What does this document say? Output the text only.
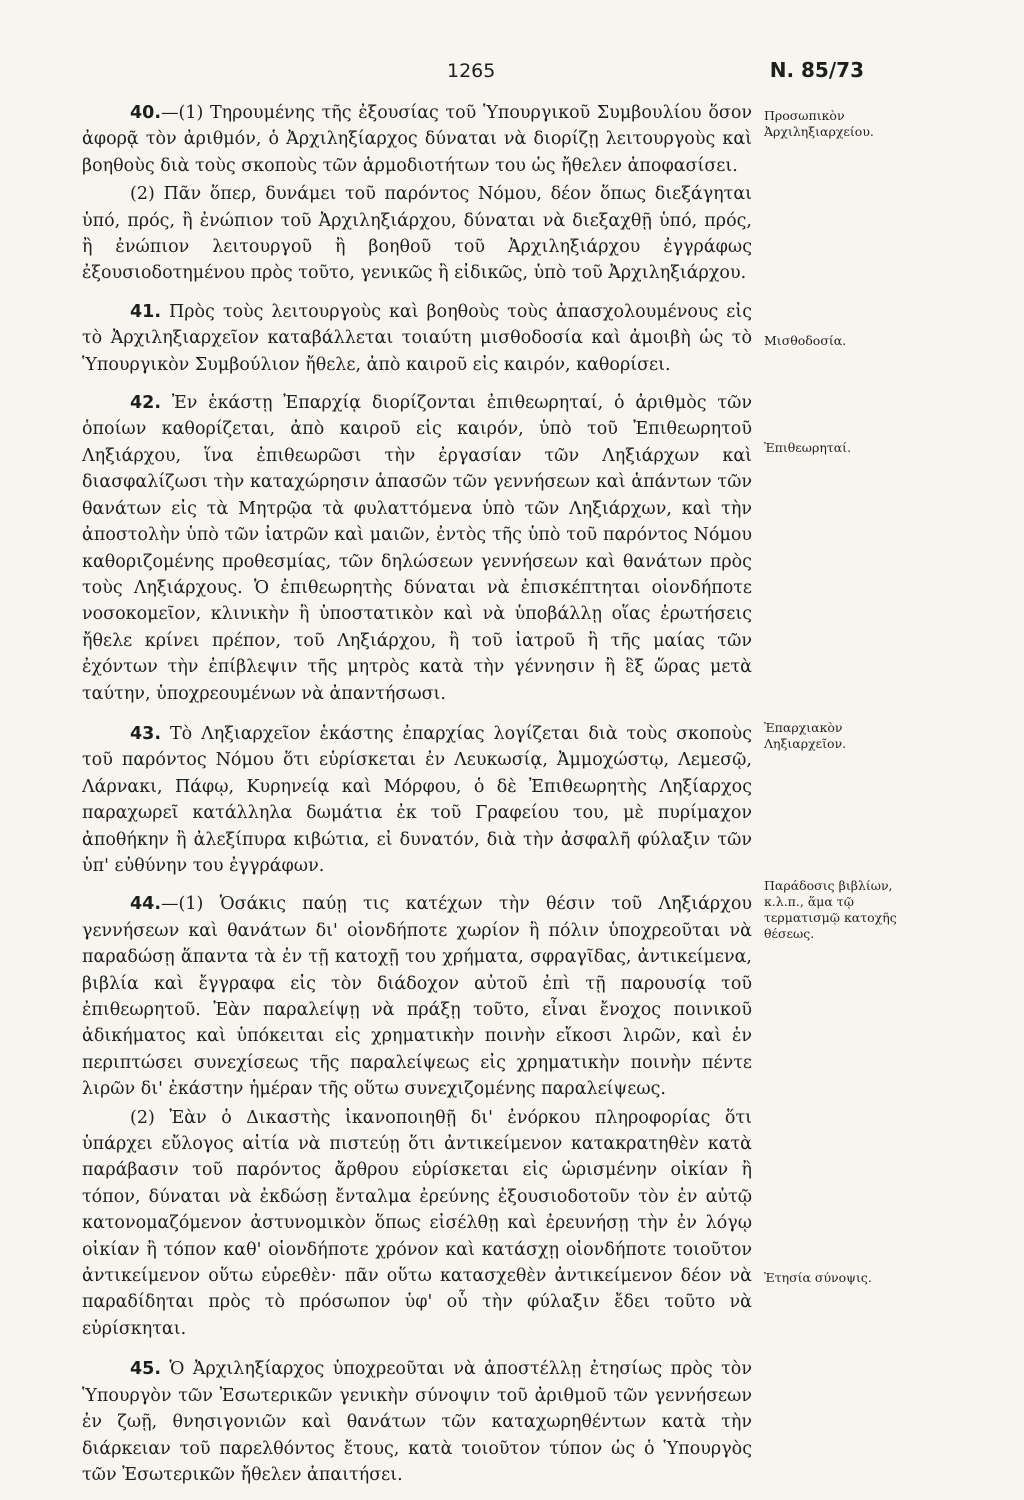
1265	N. 85/73

40.—(1) Τηρουμένης τῆς ἐξουσίας τοῦ Ὑπουργικοῦ Συμβουλίου ὅσον ἀφορᾷ τὸν ἀριθμόν, ὁ Ἀρχιληξίαρχος δύναται νὰ διορίζῃ λειτουργοὺς καὶ βοηθοὺς διὰ τοὺς σκοποὺς τῶν ἁρμοδιοτήτων του ὡς ἤθελεν ἀποφασίσει.

(2) Πᾶν ὅπερ, δυνάμει τοῦ παρόντος Νόμου, δέον ὅπως διεξάγηται ὑπό, πρός, ἢ ἐνώπιον τοῦ Ἀρχιληξιάρχου, δύναται νὰ διεξαχθῇ ὑπό, πρός, ἢ ἐνώπιον λειτουργοῦ ἢ βοηθοῦ τοῦ Ἀρχιληξιάρχου ἐγγράφως ἐξουσιοδοτημένου πρὸς τοῦτο, γενικῶς ἢ εἰδικῶς, ὑπὸ τοῦ Ἀρχιληξιάρχου.

41. Πρὸς τοὺς λειτουργοὺς καὶ βοηθοὺς τοὺς ἀπασχολουμένους εἰς τὸ Ἀρχιληξιαρχεῖον καταβάλλεται τοιαύτη μισθοδοσία καὶ ἀμοιβὴ ὡς τὸ Ὑπουργικὸν Συμβούλιον ἤθελε, ἀπὸ καιροῦ εἰς καιρόν, καθορίσει.

42. Ἐν ἑκάστῃ Ἐπαρχίᾳ διορίζονται ἐπιθεωρηταί, ὁ ἀριθμὸς τῶν ὁποίων καθορίζεται, ἀπὸ καιροῦ εἰς καιρόν, ὑπὸ τοῦ Ἐπιθεωρητοῦ Ληξιάρχου, ἵνα ἐπιθεωρῶσι τὴν ἐργασίαν τῶν Ληξιάρχων καὶ διασφαλίζωσι τὴν καταχώρησιν ἁπασῶν τῶν γεννήσεων καὶ ἁπάντων τῶν θανάτων εἰς τὰ Μητρῷα τὰ φυλαττόμενα ὑπὸ τῶν Ληξιάρχων, καὶ τὴν ἀποστολὴν ὑπὸ τῶν ἰατρῶν καὶ μαιῶν, ἐντὸς τῆς ὑπὸ τοῦ παρόντος Νόμου καθοριζομένης προθεσμίας, τῶν δηλώσεων γεννήσεων καὶ θανάτων πρὸς τοὺς Ληξιάρχους. Ὁ ἐπιθεωρητὴς δύναται νὰ ἐπισκέπτηται οἱονδήποτε νοσοκομεῖον, κλινικὴν ἢ ὑποστατικὸν καὶ νὰ ὑποβάλλῃ οἵας ἐρωτήσεις ἤθελε κρίνει πρέπον, τοῦ Ληξιάρχου, ἢ τοῦ ἰατροῦ ἢ τῆς μαίας τῶν ἐχόντων τὴν ἐπίβλεψιν τῆς μητρὸς κατὰ τὴν γέννησιν ἢ ἓξ ὥρας μετὰ ταύτην, ὑποχρεουμένων νὰ ἀπαντήσωσι.

43. Τὸ Ληξιαρχεῖον ἑκάστης ἐπαρχίας λογίζεται διὰ τοὺς σκοποὺς τοῦ παρόντος Νόμου ὅτι εὑρίσκεται ἐν Λευκωσίᾳ, Ἀμμοχώστῳ, Λεμεσῷ, Λάρνακι, Πάφῳ, Κυρηνείᾳ καὶ Μόρφου, ὁ δὲ Ἐπιθεωρητὴς Ληξίαρχος παραχωρεῖ κατάλληλα δωμάτια ἐκ τοῦ Γραφείου του, μὲ πυρίμαχον ἀποθήκην ἢ ἀλεξίπυρα κιβώτια, εἰ δυνατόν, διὰ τὴν ἀσφαλῆ φύλαξιν τῶν ὑπ' εὐθύνην του ἐγγράφων.

44.—(1) Ὁσάκις παύῃ τις κατέχων τὴν θέσιν τοῦ Ληξιάρχου γεννήσεων καὶ θανάτων δι' οἱονδήποτε χωρίον ἢ πόλιν ὑποχρεοῦται νὰ παραδώσῃ ἅπαντα τὰ ἐν τῇ κατοχῇ του χρήματα, σφραγῖδας, ἀντικείμενα, βιβλία καὶ ἔγγραφα εἰς τὸν διάδοχον αὐτοῦ ἐπὶ τῇ παρουσίᾳ τοῦ ἐπιθεωρητοῦ. Ἐὰν παραλείψῃ νὰ πράξῃ τοῦτο, εἶναι ἔνοχος ποινικοῦ ἀδικήματος καὶ ὑπόκειται εἰς χρηματικὴν ποινὴν εἴκοσι λιρῶν, καὶ ἐν περιπτώσει συνεχίσεως τῆς παραλείψεως εἰς χρηματικὴν ποινὴν πέντε λιρῶν δι' ἑκάστην ἡμέραν τῆς οὕτω συνεχιζομένης παραλείψεως.

(2) Ἐὰν ὁ Δικαστὴς ἱκανοποιηθῇ δι' ἐνόρκου πληροφορίας ὅτι ὑπάρχει εὔλογος αἰτία νὰ πιστεύῃ ὅτι ἀντικείμενον κατακρατηθὲν κατὰ παράβασιν τοῦ παρόντος ἄρθρου εὑρίσκεται εἰς ὡρισμένην οἰκίαν ἢ τόπον, δύναται νὰ ἐκδώσῃ ἔνταλμα ἐρεύνης ἐξουσιοδοτοῦν τὸν ἐν αὐτῷ κατονομαζόμενον ἀστυνομικὸν ὅπως εἰσέλθῃ καὶ ἐρευνήσῃ τὴν ἐν λόγῳ οἰκίαν ἢ τόπον καθ' οἱονδήποτε χρόνον καὶ κατάσχῃ οἱονδήποτε τοιοῦτον ἀντικείμενον οὕτω εὑρεθὲν· πᾶν οὕτω κατασχεθὲν ἀντικείμενον δέον νὰ παραδίδηται πρὸς τὸ πρόσωπον ὑφ' οὗ τὴν φύλαξιν ἔδει τοῦτο νὰ εὑρίσκηται.

45. Ὁ Ἀρχιληξίαρχος ὑποχρεοῦται νὰ ἀποστέλλῃ ἐτησίως πρὸς τὸν Ὑπουργὸν τῶν Ἐσωτερικῶν γενικὴν σύνοψιν τοῦ ἀριθμοῦ τῶν γεννήσεων ἐν ζωῇ, θνησιγονιῶν καὶ θανάτων τῶν καταχωρηθέντων κατὰ τὴν διάρκειαν τοῦ παρελθόντος ἔτους, κατὰ τοιοῦτον τύπον ὡς ὁ Ὑπουργὸς τῶν Ἐσωτερικῶν ἤθελεν ἀπαιτήσει.

Προσωπικὸν Ἀρχιληξιαρχείου.
Μισθοδοσία.
Ἐπιθεωρηταί.
Ἐπαρχιακὸν Ληξιαρχεῖον.
Παράδοσις βιβλίων, κ.λ.π., ἅμα τῷ τερματισμῷ κατοχῆς θέσεως.
Ἐτησία σύνοψις.
